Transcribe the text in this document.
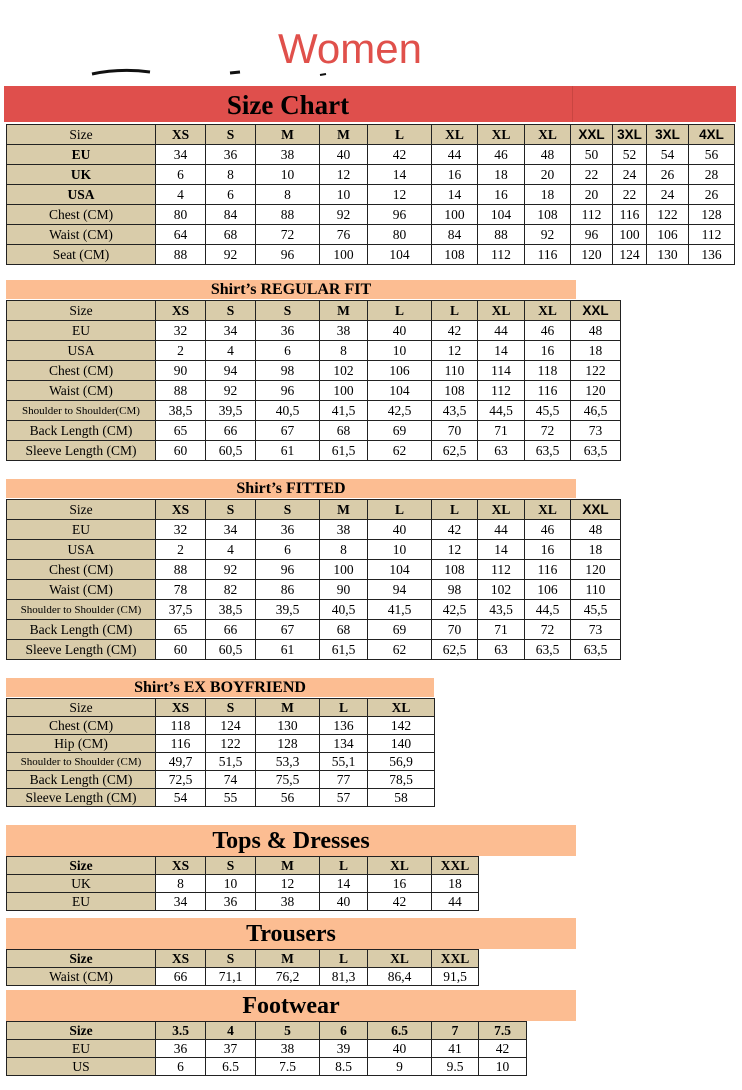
Women
Size Chart
Size	XS	S	M	M	L	XL	XL	XL	XXL	3XL	3XL	4XL
EU	34	36	38	40	42	44	46	48	50	52	54	56
UK	6	8	10	12	14	16	18	20	22	24	26	28
USA	4	6	8	10	12	14	16	18	20	22	24	26
Chest (CM)	80	84	88	92	96	100	104	108	112	116	122	128
Waist (CM)	64	68	72	76	80	84	88	92	96	100	106	112
Seat (CM)	88	92	96	100	104	108	112	116	120	124	130	136
Shirt’s REGULAR FIT
Size	XS	S	S	M	L	L	XL	XL	XXL
EU	32	34	36	38	40	42	44	46	48
USA	2	4	6	8	10	12	14	16	18
Chest (CM)	90	94	98	102	106	110	114	118	122
Waist (CM)	88	92	96	100	104	108	112	116	120
Shoulder to Shoulder(CM)	38,5	39,5	40,5	41,5	42,5	43,5	44,5	45,5	46,5
Back Length (CM)	65	66	67	68	69	70	71	72	73
Sleeve Length (CM)	60	60,5	61	61,5	62	62,5	63	63,5	63,5
Shirt’s FITTED
Size	XS	S	S	M	L	L	XL	XL	XXL
EU	32	34	36	38	40	42	44	46	48
USA	2	4	6	8	10	12	14	16	18
Chest (CM)	88	92	96	100	104	108	112	116	120
Waist (CM)	78	82	86	90	94	98	102	106	110
Shoulder to Shoulder (CM)	37,5	38,5	39,5	40,5	41,5	42,5	43,5	44,5	45,5
Back Length (CM)	65	66	67	68	69	70	71	72	73
Sleeve Length (CM)	60	60,5	61	61,5	62	62,5	63	63,5	63,5
Shirt’s EX BOYFRIEND
Size	XS	S	M	L	XL
Chest (CM)	118	124	130	136	142
Hip (CM)	116	122	128	134	140
Shoulder to Shoulder (CM)	49,7	51,5	53,3	55,1	56,9
Back Length (CM)	72,5	74	75,5	77	78,5
Sleeve Length (CM)	54	55	56	57	58
Tops & Dresses
Size	XS	S	M	L	XL	XXL
UK	8	10	12	14	16	18
EU	34	36	38	40	42	44
Trousers
Size	XS	S	M	L	XL	XXL
Waist (CM)	66	71,1	76,2	81,3	86,4	91,5
Footwear
Size	3.5	4	5	6	6.5	7	7.5
EU	36	37	38	39	40	41	42
US	6	6.5	7.5	8.5	9	9.5	10
